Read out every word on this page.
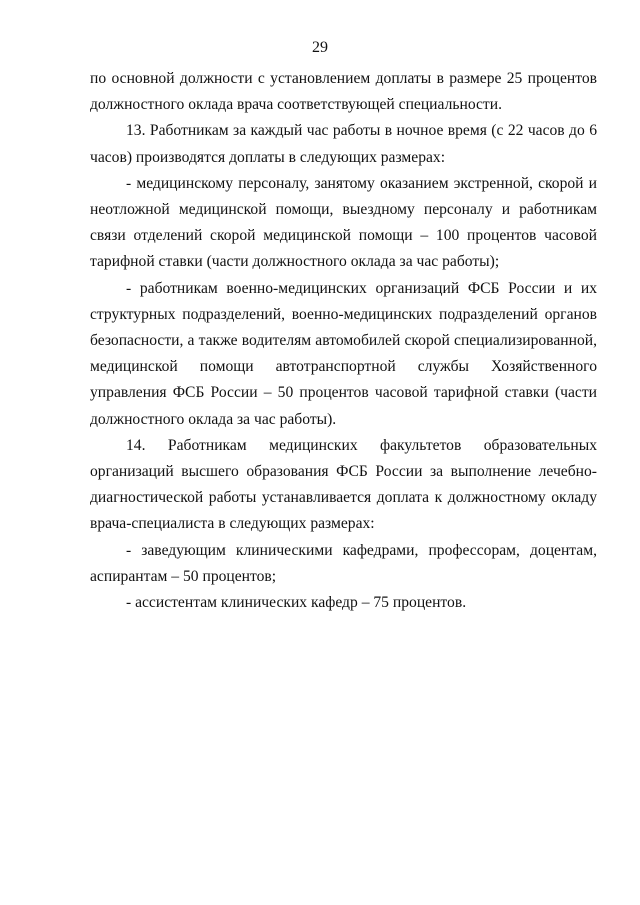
29

по основной должности с установлением доплаты в размере 25 процентов должностного оклада врача соответствующей специальности.

13. Работникам за каждый час работы в ночное время (с 22 часов до 6 часов) производятся доплаты в следующих размерах:

- медицинскому персоналу, занятому оказанием экстренной, скорой и неотложной медицинской помощи, выездному персоналу и работникам связи отделений скорой медицинской помощи – 100 процентов часовой тарифной ставки (части должностного оклада за час работы);

- работникам военно-медицинских организаций ФСБ России и их структурных подразделений, военно-медицинских подразделений органов безопасности, а также водителям автомобилей скорой специализированной, медицинской помощи автотранспортной службы Хозяйственного управления ФСБ России – 50 процентов часовой тарифной ставки (части должностного оклада за час работы).

14. Работникам медицинских факультетов образовательных организаций высшего образования ФСБ России за выполнение лечебно-диагностической работы устанавливается доплата к должностному окладу врача-специалиста в следующих размерах:

- заведующим клиническими кафедрами, профессорам, доцентам, аспирантам – 50 процентов;

- ассистентам клинических кафедр – 75 процентов.
